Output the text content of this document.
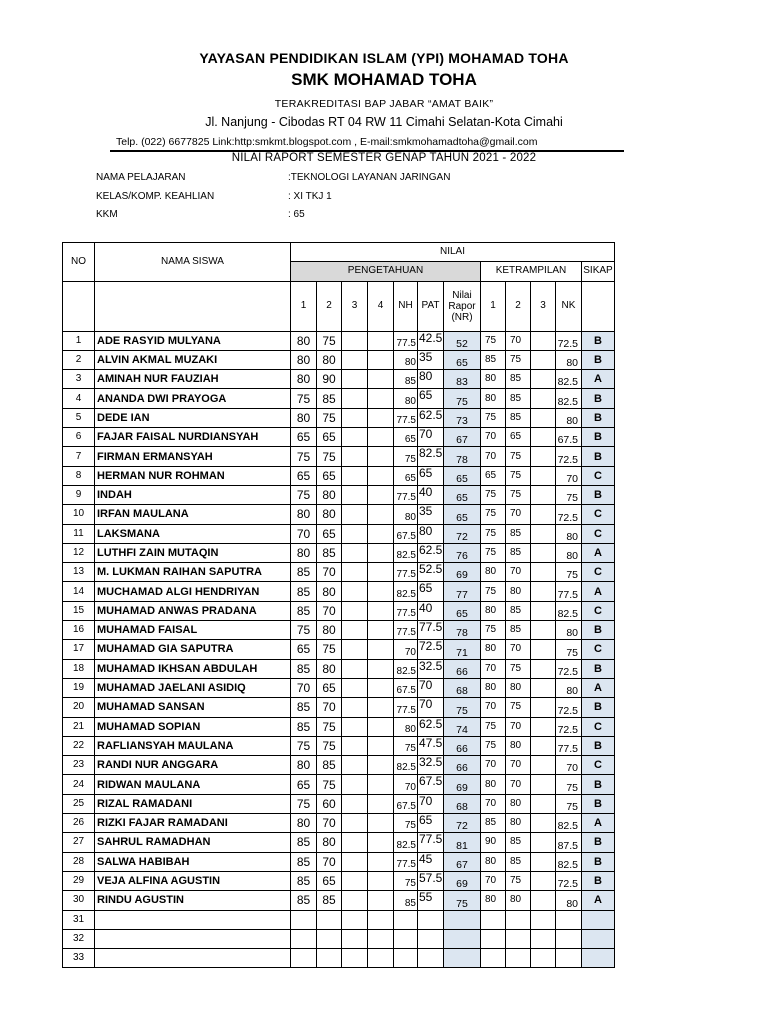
YAYASAN PENDIDIKAN ISLAM (YPI) MOHAMAD TOHA
SMK MOHAMAD TOHA
TERAKREDITASI BAP JABAR “AMAT BAIK”
Jl. Nanjung - Cibodas RT 04 RW 11 Cimahi Selatan-Kota Cimahi
Telp. (022) 6677825 Link:http:smkmt.blogspot.com , E-mail:smkmohamadtoha@gmail.com
NILAI RAPORT SEMESTER GENAP TAHUN 2021 - 2022
NAMA PELAJARAN	:TEKNOLOGI LAYANAN JARINGAN
KELAS/KOMP. KEAHLIAN	: XI TKJ 1
KKM	: 65
NO	NAMA SISWA	NILAI											
		PENGETAHUAN							KETRAMPILAN				SIKAP
		1	2	3	4	NH	PAT	Nilai Rapor (NR)	1	2	3	NK	
1	ADE RASYID MULYANA	80	75			77.5	42.5	52	75	70		72.5	B
2	ALVIN AKMAL MUZAKI	80	80			80	35	65	85	75		80	B
3	AMINAH NUR FAUZIAH	80	90			85	80	83	80	85		82.5	A
4	ANANDA DWI PRAYOGA	75	85			80	65	75	80	85		82.5	B
5	DEDE IAN	80	75			77.5	62.5	73	75	85		80	B
6	FAJAR FAISAL NURDIANSYAH	65	65			65	70	67	70	65		67.5	B
7	FIRMAN ERMANSYAH	75	75			75	82.5	78	70	75		72.5	B
8	HERMAN NUR ROHMAN	65	65			65	65	65	65	75		70	C
9	INDAH	75	80			77.5	40	65	75	75		75	B
10	IRFAN MAULANA	80	80			80	35	65	75	70		72.5	C
11	LAKSMANA	70	65			67.5	80	72	75	85		80	C
12	LUTHFI ZAIN MUTAQIN	80	85			82.5	62.5	76	75	85		80	A
13	M. LUKMAN RAIHAN SAPUTRA	85	70			77.5	52.5	69	80	70		75	C
14	MUCHAMAD ALGI HENDRIYAN	85	80			82.5	65	77	75	80		77.5	A
15	MUHAMAD ANWAS PRADANA	85	70			77.5	40	65	80	85		82.5	C
16	MUHAMAD FAISAL	75	80			77.5	77.5	78	75	85		80	B
17	MUHAMAD GIA SAPUTRA	65	75			70	72.5	71	80	70		75	C
18	MUHAMAD IKHSAN ABDULAH	85	80			82.5	32.5	66	70	75		72.5	B
19	MUHAMAD JAELANI ASIDIQ	70	65			67.5	70	68	80	80		80	A
20	MUHAMAD SANSAN	85	70			77.5	70	75	70	75		72.5	B
21	MUHAMAD SOPIAN	85	75			80	62.5	74	75	70		72.5	C
22	RAFLIANSYAH MAULANA	75	75			75	47.5	66	75	80		77.5	B
23	RANDI NUR ANGGARA	80	85			82.5	32.5	66	70	70		70	C
24	RIDWAN MAULANA	65	75			70	67.5	69	80	70		75	B
25	RIZAL RAMADANI	75	60			67.5	70	68	70	80		75	B
26	RIZKI FAJAR RAMADANI	80	70			75	65	72	85	80		82.5	A
27	SAHRUL RAMADHAN	85	80			82.5	77.5	81	90	85		87.5	B
28	SALWA HABIBAH	85	70			77.5	45	67	80	85		82.5	B
29	VEJA ALFINA AGUSTIN	85	65			75	57.5	69	70	75		72.5	B
30	RINDU AGUSTIN	85	85			85	55	75	80	80		80	A
31													
32													
33													
